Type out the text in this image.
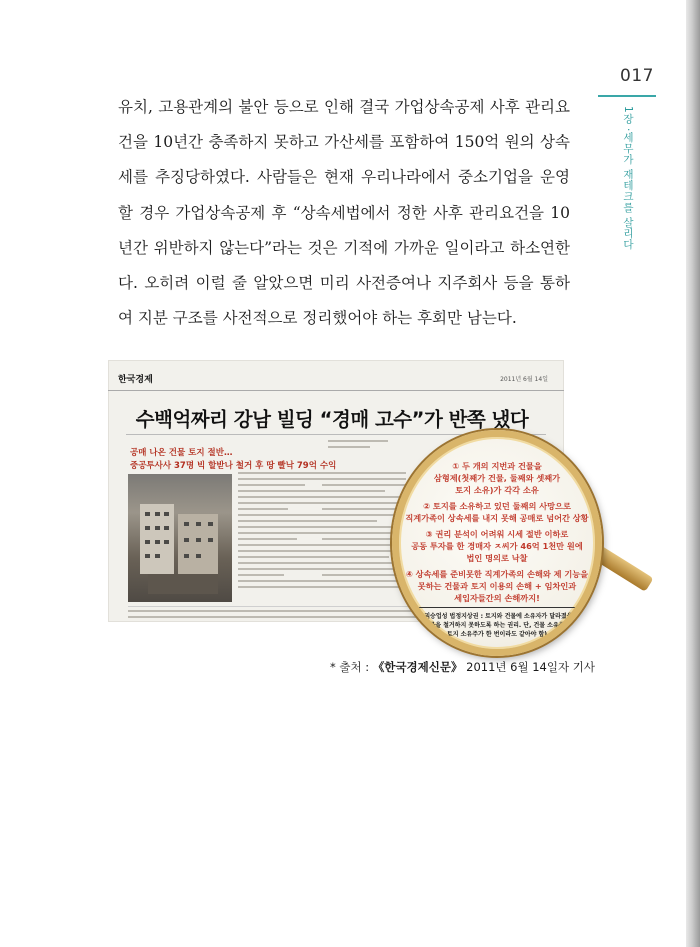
017
1장 ·세무가 재테크를 살리다

유치, 고용관계의 불안 등으로 인해 결국 가업상속공제 사후 관리요건을 10년간 충족하지 못하고 가산세를 포함하여 150억 원의 상속세를 추징당하였다. 사람들은 현재 우리나라에서 중소기업을 운영할 경우 가업상속공제 후 “상속세법에서 정한 사후 관리요건을 10년간 위반하지 않는다”라는 것은 기적에 가까운 일이라고 하소연한다. 오히려 이럴 줄 알았으면 미리 사전증여나 지주회사 등을 통하여 지분 구조를 사전적으로 정리했어야 하는 후회만 남는다.

한국경제	2011년 6월 14일
수백억짜리 강남 빌딩 “경매 고수”가 반쪽 냈다
공매 나온 건물 토지 절반…
중공투사사 37명 빅 할받나 철거 후 땅 빨낙 79억 수익	① 두 개의 지번과 건물을
삼형제(첫째가 건물, 둘째와 셋째가
토지 소유)가 각각 소유
② 토지를 소유하고 있던 둘째의 사망으로
직계가족이 상속세를 내지 못해 공매로 넘어간 상황
③ 권리 분석이 어려워 시세 절반 이하로
공동 투자를 한 경매자 ㅈ씨가 46억 1천만 원에
법인 명의로 낙찰
④ 상속세를 준비못한 직계가족의 손해와 제 기능을
못하는 건물과 토지 이용의 손해 + 임차인과
세입자들간의 손해까지!
(※ 괴승업성 법정지상권 : 토지와 건물에 소유자가 달라졌을 때
건물을 철거하지 못하도록 하는 권리. 단, 건물 소유주와
토지 소유주가 한 번이라도 같아야 함)
* 출처 : 《한국경제신문》 2011년 6월 14일자 기사
